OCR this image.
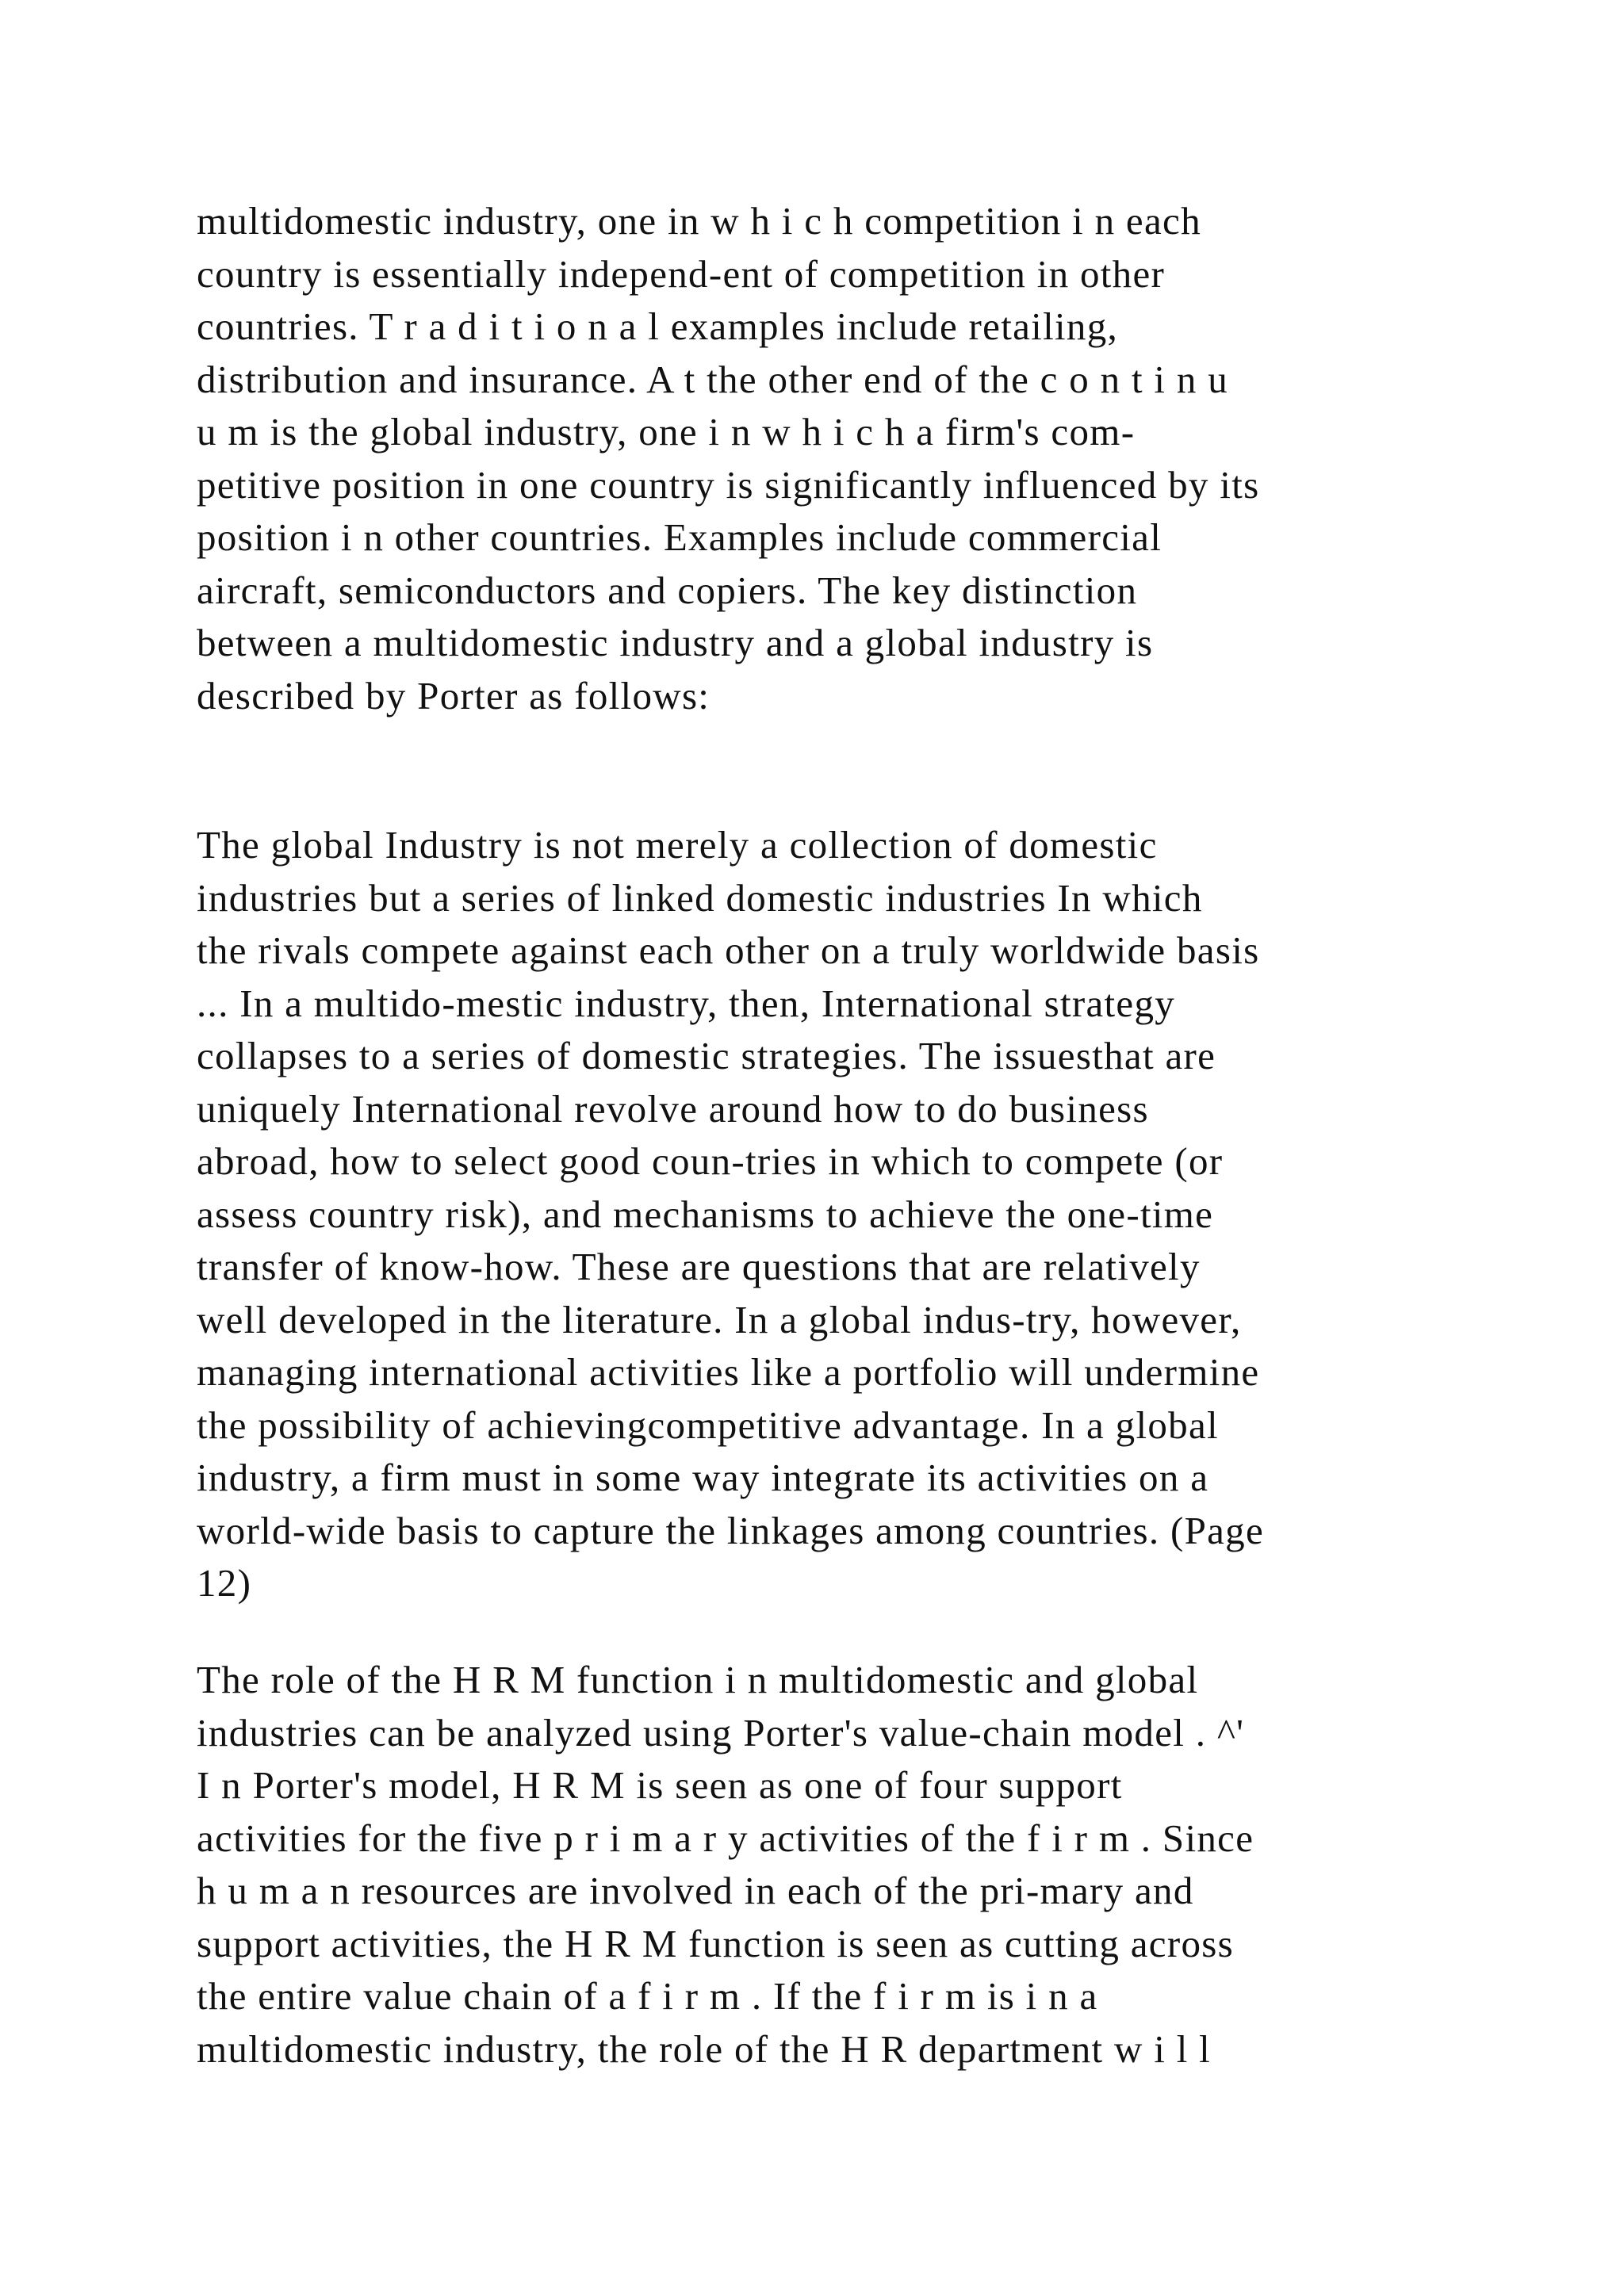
multidomestic industry, one in w h i c h competition i n each
country is essentially independ-ent of competition in other
countries. T r a d i t i o n a l examples include retailing,
distribution and insurance. A t the other end of the c o n t i n u
u m is the global industry, one i n w h i c h a firm's com-
petitive position in one country is significantly influenced by its
position i n other countries. Examples include commercial
aircraft, semiconductors and copiers. The key distinction
between a multidomestic industry and a global industry is
described by Porter as follows:

The global Industry is not merely a collection of domestic
industries but a series of linked domestic industries In which
the rivals compete against each other on a truly worldwide basis
... In a multido-mestic industry, then, International strategy
collapses to a series of domestic strategies. The issuesthat are
uniquely International revolve around how to do business
abroad, how to select good coun-tries in which to compete (or
assess country risk), and mechanisms to achieve the one-time
transfer of know-how. These are questions that are relatively
well developed in the literature. In a global indus-try, however,
managing international activities like a portfolio will undermine
the possibility of achievingcompetitive advantage. In a global
industry, a firm must in some way integrate its activities on a
world-wide basis to capture the linkages among countries. (Page
12)

The role of the H R M function i n multidomestic and global
industries can be analyzed using Porter's value-chain model . ^'
I n Porter's model, H R M is seen as one of four support
activities for the five p r i m a r y activities of the f i r m . Since
h u m a n resources are involved in each of the pri-mary and
support activities, the H R M function is seen as cutting across
the entire value chain of a f i r m . If the f i r m is i n a
multidomestic industry, the role of the H R department w i l l
